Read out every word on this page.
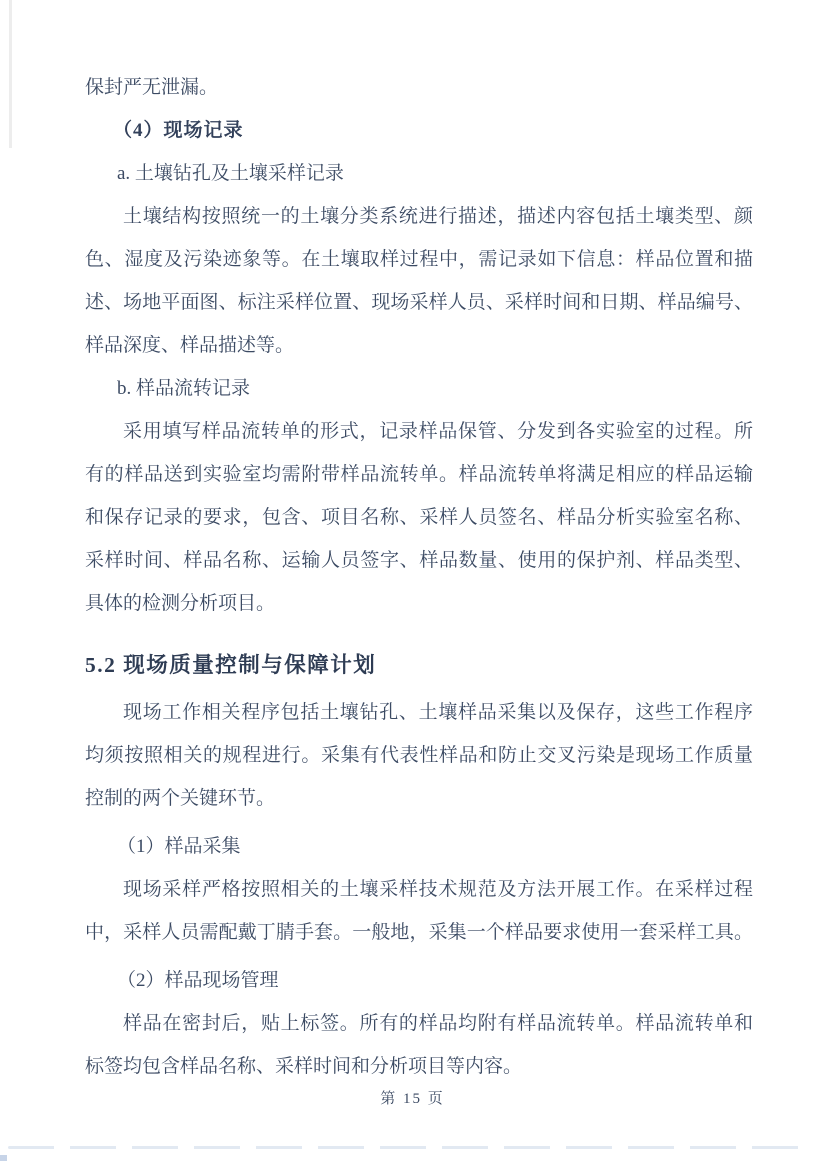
保封严无泄漏。
（4）现场记录
a. 土壤钻孔及土壤采样记录
土壤结构按照统一的土壤分类系统进行描述，描述内容包括土壤类型、颜
色、湿度及污染迹象等。在土壤取样过程中，需记录如下信息：样品位置和描
述、场地平面图、标注采样位置、现场采样人员、采样时间和日期、样品编号、
样品深度、样品描述等。
b. 样品流转记录
采用填写样品流转单的形式，记录样品保管、分发到各实验室的过程。所
有的样品送到实验室均需附带样品流转单。样品流转单将满足相应的样品运输
和保存记录的要求，包含、项目名称、采样人员签名、样品分析实验室名称、
采样时间、样品名称、运输人员签字、样品数量、使用的保护剂、样品类型、
具体的检测分析项目。
5.2 现场质量控制与保障计划
现场工作相关程序包括土壤钻孔、土壤样品采集以及保存，这些工作程序
均须按照相关的规程进行。采集有代表性样品和防止交叉污染是现场工作质量
控制的两个关键环节。
（1）样品采集
现场采样严格按照相关的土壤采样技术规范及方法开展工作。在采样过程
中，采样人员需配戴丁腈手套。一般地，采集一个样品要求使用一套采样工具。
（2）样品现场管理
样品在密封后，贴上标签。所有的样品均附有样品流转单。样品流转单和
标签均包含样品名称、采样时间和分析项目等内容。
第 15 页
